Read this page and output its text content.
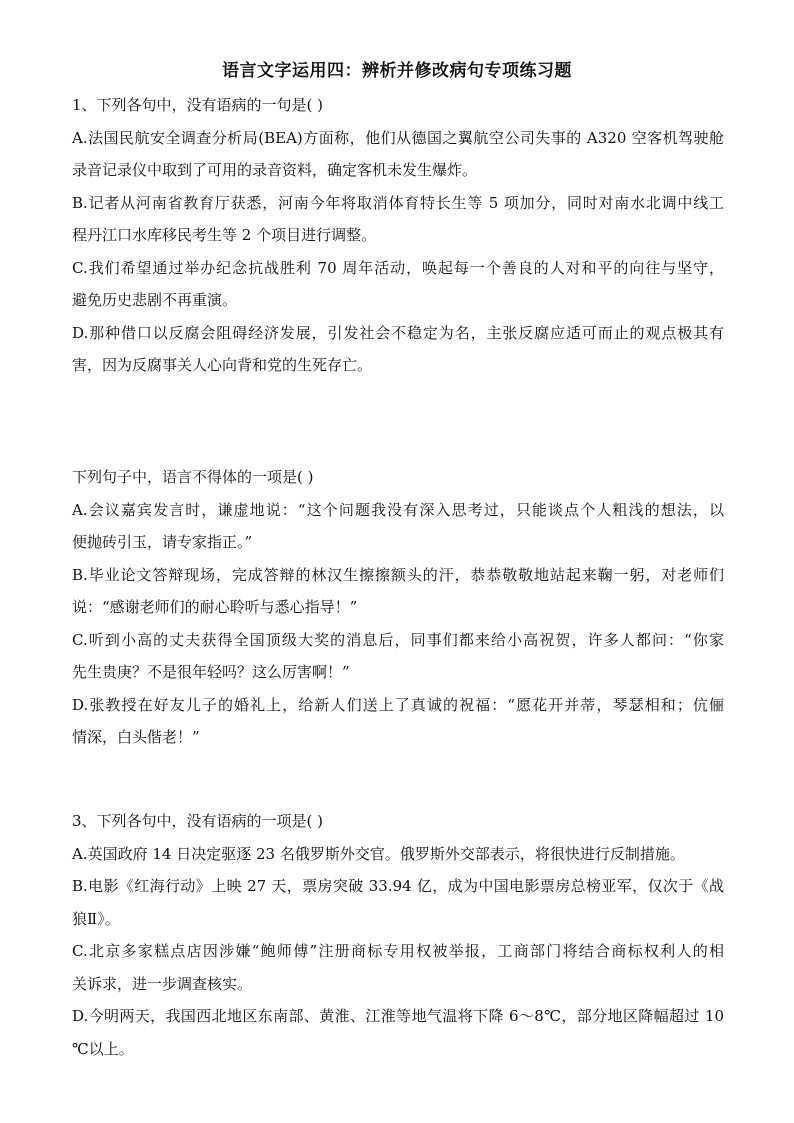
语言文字运用四：辨析并修改病句专项练习题
1、下列各句中，没有语病的一句是( )
A.法国民航安全调查分析局(BEA)方面称，他们从德国之翼航空公司失事的 A320 空客机驾驶舱
录音记录仪中取到了可用的录音资料，确定客机未发生爆炸。
B.记者从河南省教育厅获悉，河南今年将取消体育特长生等 5 项加分，同时对南水北调中线工
程丹江口水库移民考生等 2 个项目进行调整。
C.我们希望通过举办纪念抗战胜利 70 周年活动，唤起每一个善良的人对和平的向往与坚守，
避免历史悲剧不再重演。
D.那种借口以反腐会阻碍经济发展，引发社会不稳定为名，主张反腐应适可而止的观点极其有
害，因为反腐事关人心向背和党的生死存亡。
下列句子中，语言不得体的一项是( )
A.会议嘉宾发言时，谦虚地说：“这个问题我没有深入思考过，只能谈点个人粗浅的想法，以
便抛砖引玉，请专家指正。”
B.毕业论文答辩现场，完成答辩的林汉生擦擦额头的汗，恭恭敬敬地站起来鞠一躬，对老师们
说：“感谢老师们的耐心聆听与悉心指导！”
C.听到小高的丈夫获得全国顶级大奖的消息后，同事们都来给小高祝贺，许多人都问：“你家
先生贵庚？不是很年轻吗？这么厉害啊！”
D.张教授在好友儿子的婚礼上，给新人们送上了真诚的祝福：“愿花开并蒂，琴瑟相和；伉俪
情深，白头偕老！”
3、下列各句中，没有语病的一项是( )
A.英国政府 14 日决定驱逐 23 名俄罗斯外交官。俄罗斯外交部表示，将很快进行反制措施。
B.电影《红海行动》上映 27 天，票房突破 33.94 亿，成为中国电影票房总榜亚军，仅次于《战
狼Ⅱ》。
C.北京多家糕点店因涉嫌“鲍师傅”注册商标专用权被举报，工商部门将结合商标权利人的相
关诉求，进一步调查核实。
D.今明两天，我国西北地区东南部、黄淮、江淮等地气温将下降 6～8℃，部分地区降幅超过 10
℃以上。
